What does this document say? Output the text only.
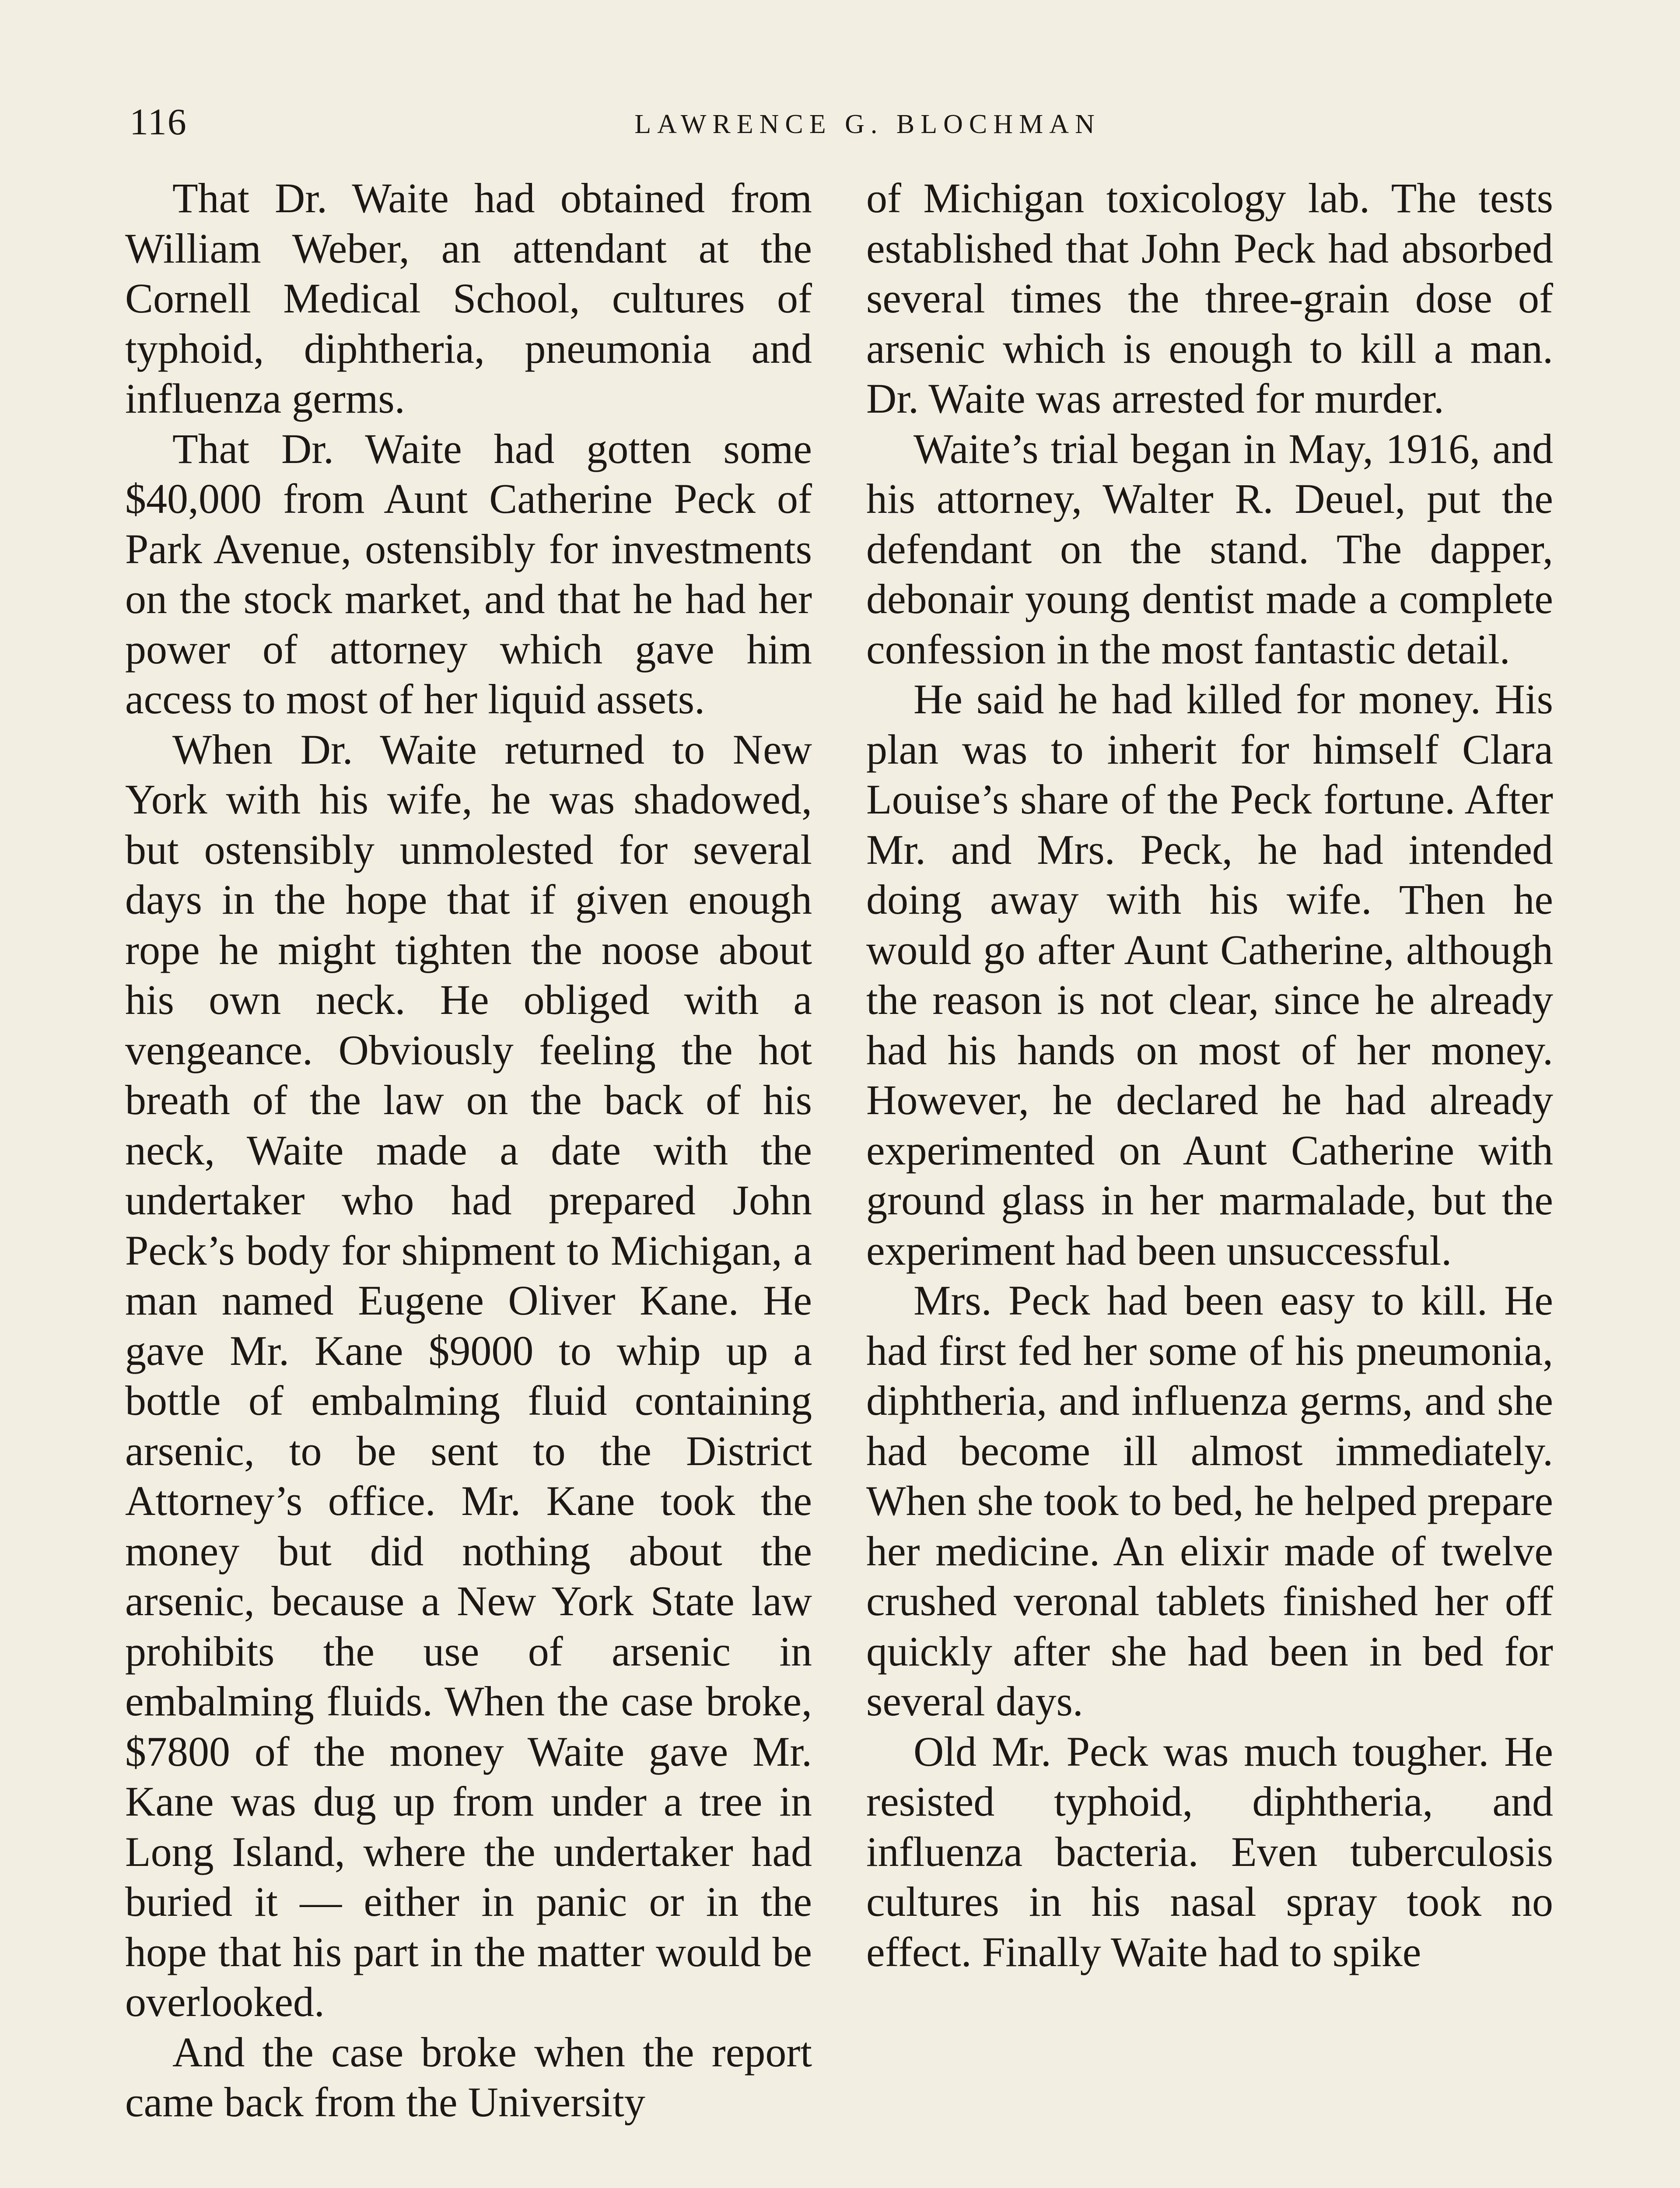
116	LAWRENCE G. BLOCHMAN

That Dr. Waite had obtained from William Weber, an attendant at the Cornell Medical School, cultures of typhoid, diphtheria, pneumonia and influenza germs.

That Dr. Waite had gotten some $40,000 from Aunt Catherine Peck of Park Avenue, ostensibly for investments on the stock market, and that he had her power of attorney which gave him access to most of her liquid assets.

When Dr. Waite returned to New York with his wife, he was shadowed, but ostensibly unmolested for several days in the hope that if given enough rope he might tighten the noose about his own neck. He obliged with a vengeance. Obviously feeling the hot breath of the law on the back of his neck, Waite made a date with the undertaker who had prepared John Peck’s body for shipment to Michigan, a man named Eugene Oliver Kane. He gave Mr. Kane $9000 to whip up a bottle of embalming fluid containing arsenic, to be sent to the District Attorney’s office. Mr. Kane took the money but did nothing about the arsenic, because a New York State law prohibits the use of arsenic in embalming fluids. When the case broke, $7800 of the money Waite gave Mr. Kane was dug up from under a tree in Long Island, where the undertaker had buried it — either in panic or in the hope that his part in the matter would be overlooked.

And the case broke when the report came back from the University

of Michigan toxicology lab. The tests established that John Peck had absorbed several times the three-grain dose of arsenic which is enough to kill a man. Dr. Waite was arrested for murder.

Waite’s trial began in May, 1916, and his attorney, Walter R. Deuel, put the defendant on the stand. The dapper, debonair young dentist made a complete confession in the most fantastic detail.

He said he had killed for money. His plan was to inherit for himself Clara Louise’s share of the Peck fortune. After Mr. and Mrs. Peck, he had intended doing away with his wife. Then he would go after Aunt Catherine, although the reason is not clear, since he already had his hands on most of her money. However, he declared he had already experimented on Aunt Catherine with ground glass in her marmalade, but the experiment had been unsuccessful.

Mrs. Peck had been easy to kill. He had first fed her some of his pneumonia, diphtheria, and influenza germs, and she had become ill almost immediately. When she took to bed, he helped prepare her medicine. An elixir made of twelve crushed veronal tablets finished her off quickly after she had been in bed for several days.

Old Mr. Peck was much tougher. He resisted typhoid, diphtheria, and influenza bacteria. Even tuberculosis cultures in his nasal spray took no effect. Finally Waite had to spike
